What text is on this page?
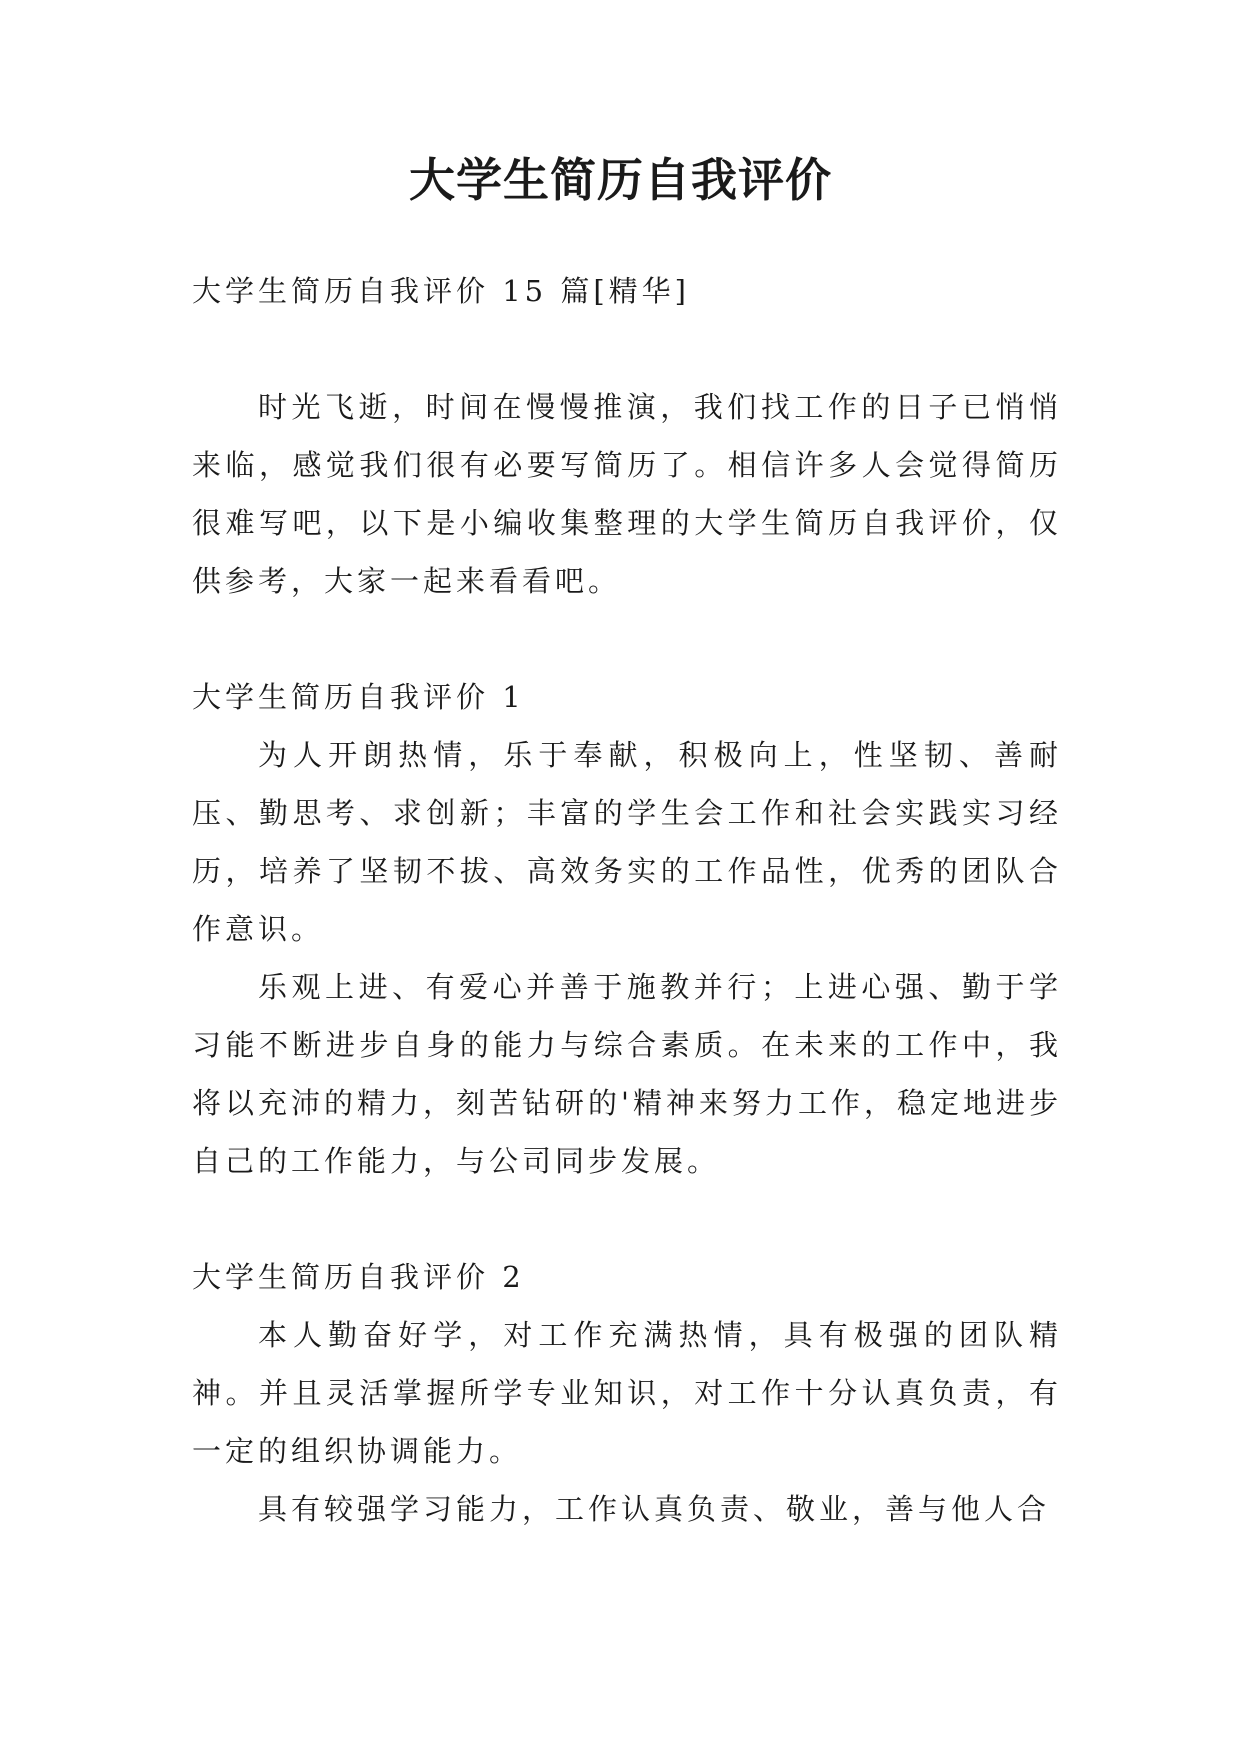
大学生简历自我评价

大学生简历自我评价 15 篇[精华]

时光飞逝，时间在慢慢推演，我们找工作的日子已悄悄来临，感觉我们很有必要写简历了。相信许多人会觉得简历很难写吧，以下是小编收集整理的大学生简历自我评价，仅供参考，大家一起来看看吧。

大学生简历自我评价 1

为人开朗热情，乐于奉献，积极向上，性坚韧、善耐压、勤思考、求创新；丰富的学生会工作和社会实践实习经历，培养了坚韧不拔、高效务实的工作品性，优秀的团队合作意识。

乐观上进、有爱心并善于施教并行；上进心强、勤于学习能不断进步自身的能力与综合素质。在未来的工作中，我将以充沛的精力，刻苦钻研的'精神来努力工作，稳定地进步自己的工作能力，与公司同步发展。

大学生简历自我评价 2

本人勤奋好学，对工作充满热情，具有极强的团队精神。并且灵活掌握所学专业知识，对工作十分认真负责，有一定的组织协调能力。

具有较强学习能力，工作认真负责、敬业，善与他人合
